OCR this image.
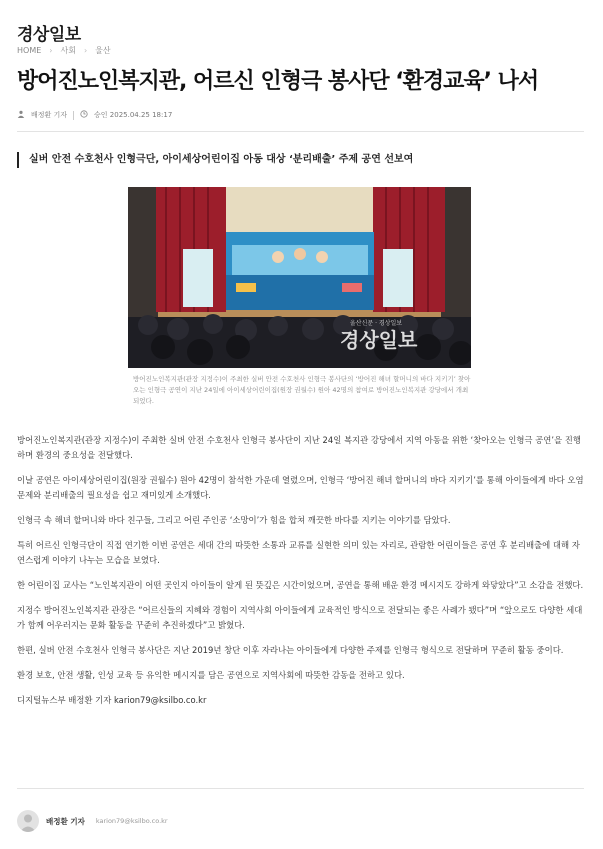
경상일보
HOME › 사회 › 울산
방어진노인복지관, 어르신 인형극 봉사단 ‘환경교육’ 나서
배정환 기자	승인 2025.04.25 18:17
실버 안전 수호천사 인형극단, 아이세상어린이집 아동 대상 ‘분리배출’ 주제 공연 선보여
울산신문 · 경상일보
경상일보
방어진노인복지관(관장 지정수)이 주최한 실버 안전 수호천사 인형극 봉사단의 ‘방어진 해녀 할머니의 바다 지키기’ 찾아오는 인형극 공연이 지난 24일에 아이세상어린이집(원장 권월수) 원아 42명의 참여로 방어진노인복지관 강당에서 개최되었다.

방어진노인복지관(관장 지정수)이 주최한 실버 안전 수호천사 인형극 봉사단이 지난 24일 복지관 강당에서 지역 아동을 위한 ‘찾아오는 인형극 공연’을 진행하며 환경의 중요성을 전달했다.

이날 공연은 아이세상어린이집(원장 권월수) 원아 42명이 참석한 가운데 열렸으며, 인형극 ‘방어진 해녀 할머니의 바다 지키기’를 통해 아이들에게 바다 오염 문제와 분리배출의 필요성을 쉽고 재미있게 소개했다.

인형극 속 해녀 할머니와 바다 친구들, 그리고 어린 주인공 ‘소망이’가 힘을 합쳐 깨끗한 바다를 지키는 이야기를 담았다.

특히 어르신 인형극단이 직접 연기한 이번 공연은 세대 간의 따뜻한 소통과 교류를 실현한 의미 있는 자리로, 관람한 어린이들은 공연 후 분리배출에 대해 자연스럽게 이야기 나누는 모습을 보였다.

한 어린이집 교사는 “노인복지관이 어떤 곳인지 아이들이 알게 된 뜻깊은 시간이었으며, 공연을 통해 배운 환경 메시지도 강하게 와닿았다”고 소감을 전했다.

지정수 방어진노인복지관 관장은 “어르신들의 지혜와 경험이 지역사회 아이들에게 교육적인 방식으로 전달되는 좋은 사례가 됐다”며 “앞으로도 다양한 세대가 함께 어우러지는 문화 활동을 꾸준히 추진하겠다”고 밝혔다.

한편, 실버 안전 수호천사 인형극 봉사단은 지난 2019년 창단 이후 자라나는 아이들에게 다양한 주제를 인형극 형식으로 전달하며 꾸준히 활동 중이다.

환경 보호, 안전 생활, 인성 교육 등 유익한 메시지를 담은 공연으로 지역사회에 따뜻한 감동을 전하고 있다.

디지털뉴스부 배정환 기자 karion79@ksilbo.co.kr

배정환 기자 karion79@ksilbo.co.kr
